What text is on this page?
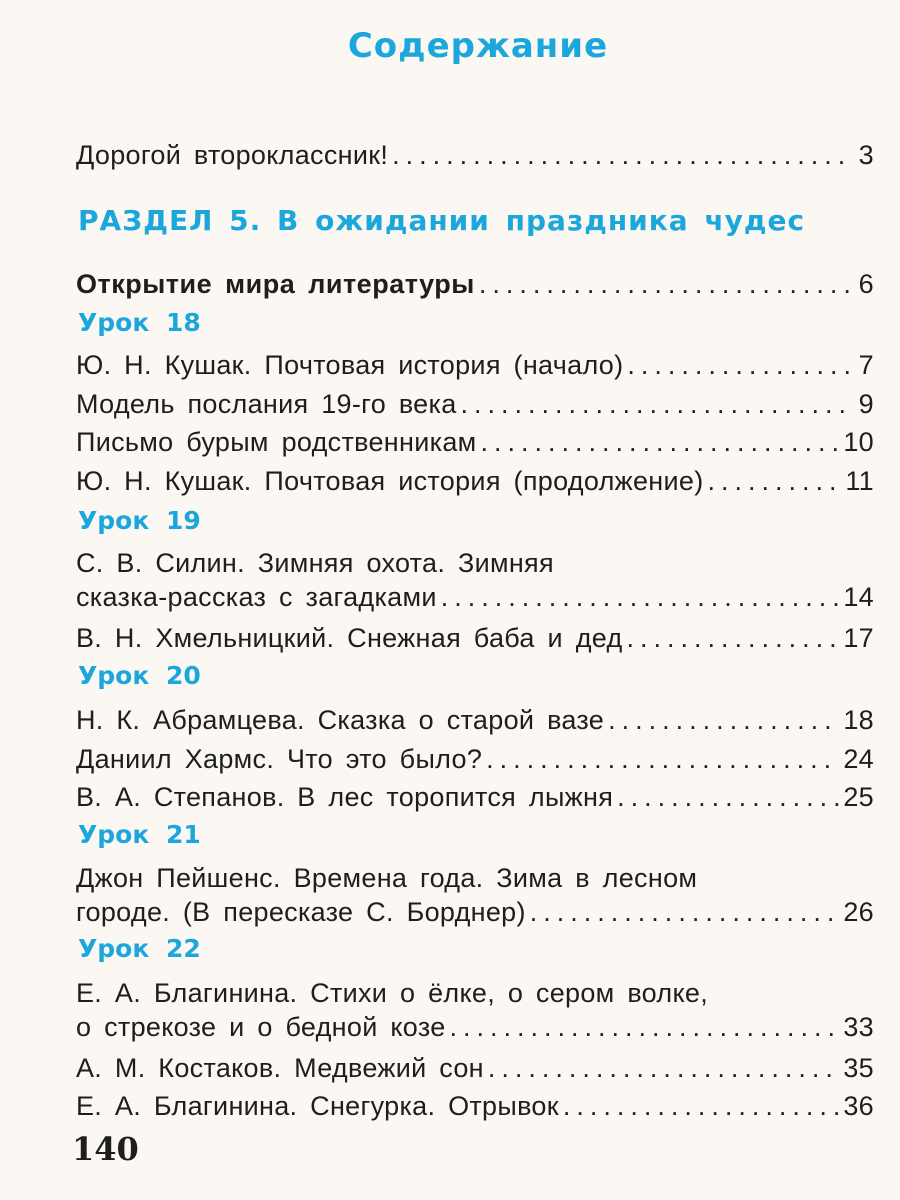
Содержание
Дорогой второклассник! .....	3
РАЗДЕЛ 5. В ожидании праздника чудес
Открытие мира литературы .....	6
Урок 18
Ю. Н. Кушак. Почтовая история (начало) .....	7
Модель послания 19-го века .....	9
Письмо бурым родственникам .....	10
Ю. Н. Кушак. Почтовая история (продолжение) .....	11
Урок 19
С. В. Силин. Зимняя охота. Зимняя
сказка-рассказ с загадками .....	14
В. Н. Хмельницкий. Снежная баба и дед .....	17
Урок 20
Н. К. Абрамцева. Сказка о старой вазе .....	18
Даниил Хармс. Что это было? .....	24
В. А. Степанов. В лес торопится лыжня .....	25
Урок 21
Джон Пейшенс. Времена года. Зима в лесном
городе. (В пересказе С. Борднер) .....	26
Урок 22
Е. А. Благинина. Стихи о ёлке, о сером волке,
о стрекозе и о бедной козе .....	33
А. М. Костаков. Медвежий сон .....	35
Е. А. Благинина. Снегурка. Отрывок .....	36
140
